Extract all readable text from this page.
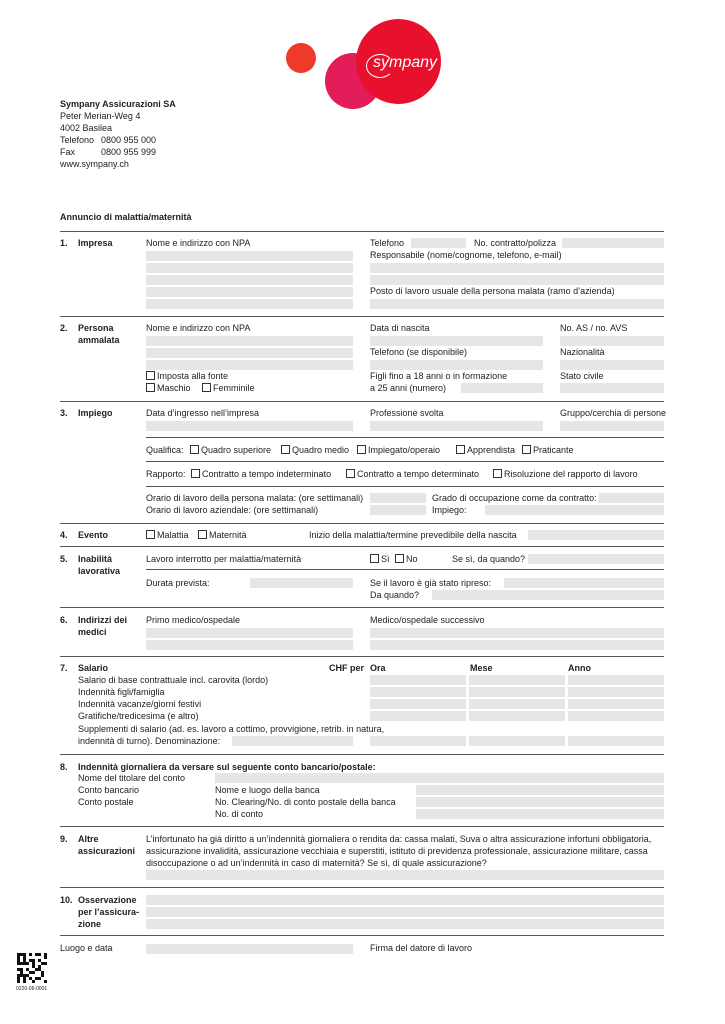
sympany
Sympany Assicurazioni SA
Peter Merian-Weg 4
4002 Basilea
Telefono 0800 955 000
Fax	0800 955 999
www.sympany.ch
Annuncio di malattia/maternità
1. Impresa	Nome e indirizzo con NPA	Telefono	No. contratto/polizza
Responsabile (nome/cognome, telefono, e-mail)
Posto di lavoro usuale della persona malata (ramo d’azienda)
2. Persona
ammalata
Nome e indirizzo con NPA
Imposta alla fonte
Maschio	Femminile
Data di nascita
Telefono (se disponibile)
Figli fino a 18 anni o in formazione
a 25 anni (numero)
No. AS / no. AVS
Nazionalità
Stato civile
3. Impiego	Data d’ingresso nell’impresa	Professione svolta	Gruppo/cerchia di persone
Qualifica:	Quadro superiore	Quadro medio	Impiegato/operaio	Apprendista	Praticante
Rapporto:	Contratto a tempo indeterminato	Contratto a tempo determinato	Risoluzione del rapporto di lavoro
Orario di lavoro della persona malata: (ore settimanali)
Orario di lavoro aziendale: (ore settimanali)
Grado di occupazione come da contratto:
Impiego:
4. Evento	Malattia	Maternità	Inizio della malattia/termine prevedibile della nascita
5. Inabilità
lavorativa
Lavoro interrotto per malattia/maternità	Sì	No	Se sì, da quando?
Durata prevista:	Se il lavoro è già stato ripreso:
Da quando?
6. Indirizzi dei
medici
Primo medico/ospedale	Medico/ospedale successivo
7. Salario	CHF per Ora	Mese	Anno
Salario di base contrattuale incl. carovita (lordo)
Indennità figli/famiglia
Indennità vacanze/giorni festivi
Gratifiche/tredicesima (e altro)
Supplementi di salario (ad. es. lavoro a cottimo, provvigione, retrib. in natura,
indennità di turno). Denominazione:
8. Indennità giornaliera da versare sul seguente conto bancario/postale:
Nome del titolare del conto
Conto bancario
Conto postale
Nome e luogo della banca
No. Clearing/No. di conto postale della banca
No. di conto
9. Altre
assicurazioni
L’infortunato ha già diritto a un’indennità giornaliera o rendita da: cassa malati, Suva o altra assicurazione infortuni obbligatoria,
assicurazione invalidità, assicurazione vecchiaia e superstiti, istituto di previdenza professionale, assicurazione militare, cassa
disoccupazione o ad un’indennità in caso di maternità? Se sì, di quale assicurazione?
10. Osservazione
per l’assicura-
zione
Luogo e data	Firma del datore di lavoro
0220-06-0001
